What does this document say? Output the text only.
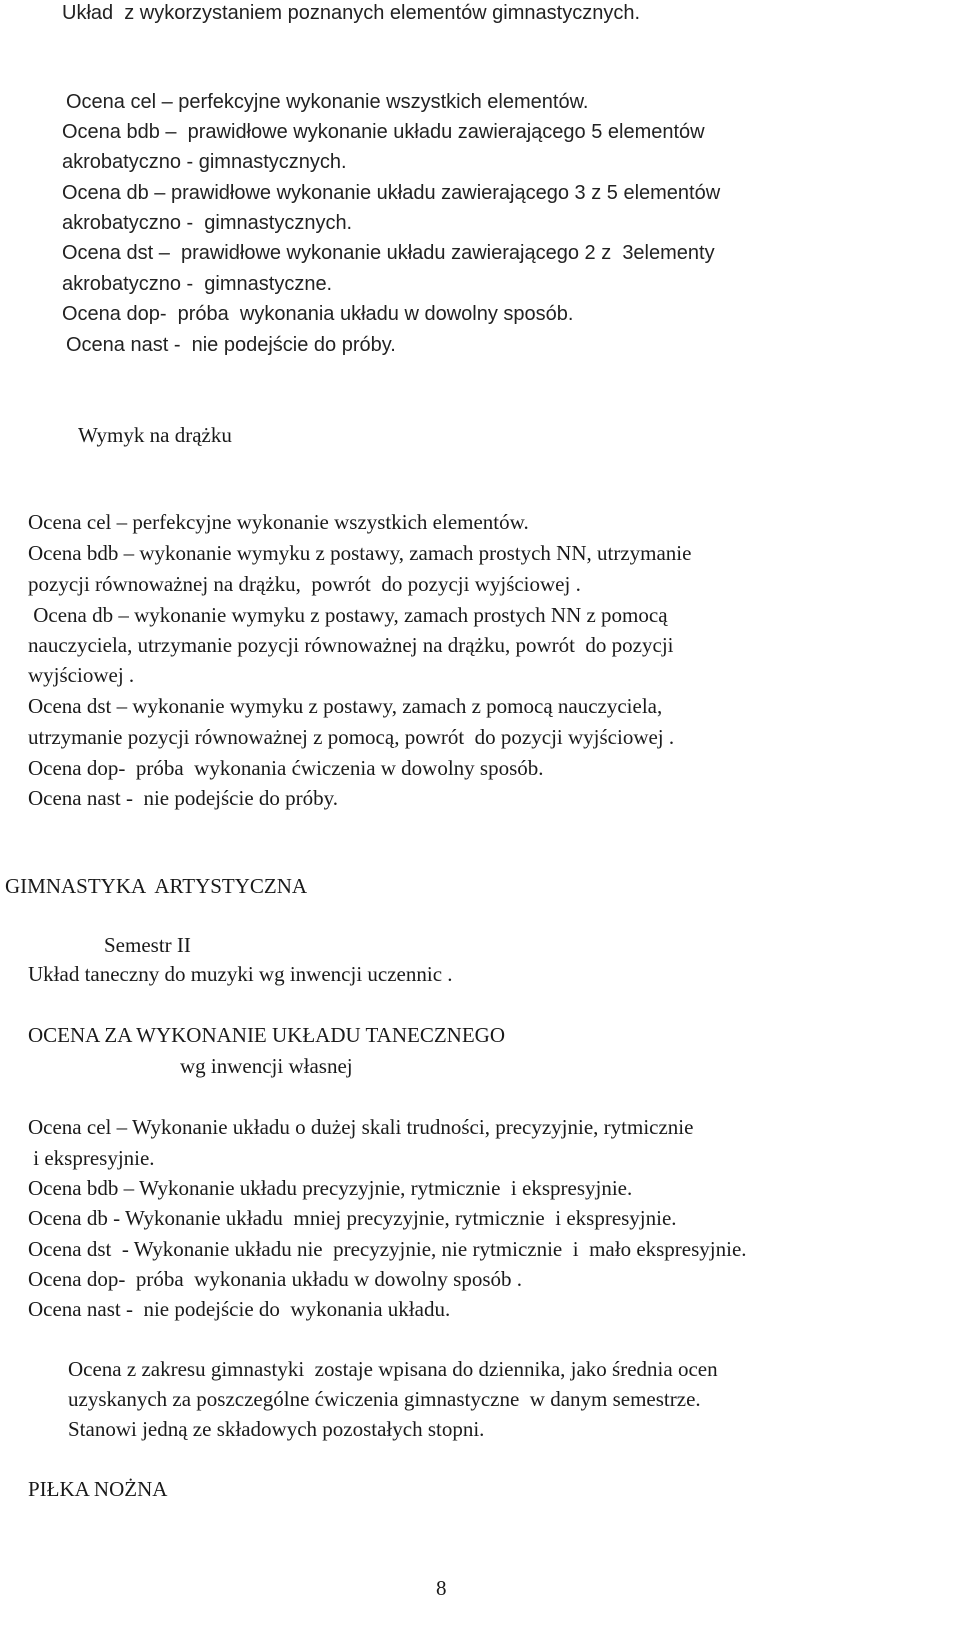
Układ  z wykorzystaniem poznanych elementów gimnastycznych.
Ocena cel – perfekcyjne wykonanie wszystkich elementów.
Ocena bdb –  prawidłowe wykonanie układu zawierającego 5 elementów
akrobatyczno - gimnastycznych.
Ocena db – prawidłowe wykonanie układu zawierającego 3 z 5 elementów
akrobatyczno -  gimnastycznych.
Ocena dst –  prawidłowe wykonanie układu zawierającego 2 z  3elementy
akrobatyczno -  gimnastyczne.
Ocena dop-  próba  wykonania układu w dowolny sposób.
Ocena nast -  nie podejście do próby.
Wymyk na drążku
Ocena cel – perfekcyjne wykonanie wszystkich elementów.
Ocena bdb – wykonanie wymyku z postawy, zamach prostych NN, utrzymanie
pozycji równoważnej na drążku,  powrót  do pozycji wyjściowej .
Ocena db – wykonanie wymyku z postawy, zamach prostych NN z pomocą
nauczyciela, utrzymanie pozycji równoważnej na drążku, powrót  do pozycji
wyjściowej .
Ocena dst – wykonanie wymyku z postawy, zamach z pomocą nauczyciela,
utrzymanie pozycji równoważnej z pomocą, powrót  do pozycji wyjściowej .
Ocena dop-  próba  wykonania ćwiczenia w dowolny sposób.
Ocena nast -  nie podejście do próby.
GIMNASTYKA  ARTYSTYCZNA
Semestr II
Układ taneczny do muzyki wg inwencji uczennic .
OCENA ZA WYKONANIE UKŁADU TANECZNEGO
wg inwencji własnej
Ocena cel – Wykonanie układu o dużej skali trudności, precyzyjnie, rytmicznie
i ekspresyjnie.
Ocena bdb – Wykonanie układu precyzyjnie, rytmicznie  i ekspresyjnie.
Ocena db - Wykonanie układu  mniej precyzyjnie, rytmicznie  i ekspresyjnie.
Ocena dst  - Wykonanie układu nie  precyzyjnie, nie rytmicznie  i  mało ekspresyjnie.
Ocena dop-  próba  wykonania układu w dowolny sposób .
Ocena nast -  nie podejście do  wykonania układu.
Ocena z zakresu gimnastyki  zostaje wpisana do dziennika, jako średnia ocen
uzyskanych za poszczególne ćwiczenia gimnastyczne  w danym semestrze.
Stanowi jedną ze składowych pozostałych stopni.
PIŁKA NOŻNA
8
